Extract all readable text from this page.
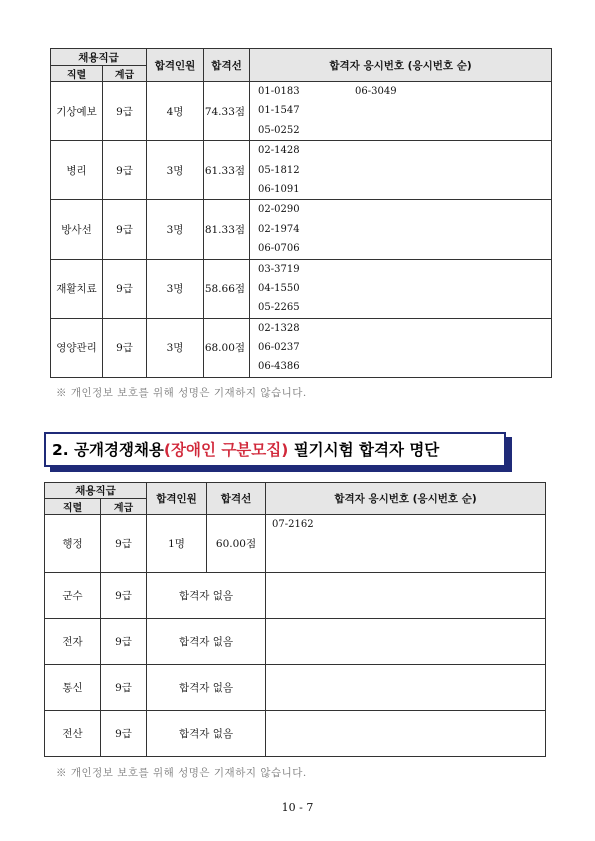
채용직급		합격인원	합격선	합격자 응시번호 (응시번호 순)
직렬	계급			
기상예보	9급	4명	74.33점	01-0183 06-3049
01-1547
05-0252

병리	9급	3명	61.33점	02-1428
05-1812
06-1091

방사선	9급	3명	81.33점	02-0290
02-1974
06-0706

재활치료	9급	3명	58.66점	03-3719
04-1550
05-2265

영양관리	9급	3명	68.00점	02-1328
06-0237
06-4386
※ 개인정보 보호를 위해 성명은 기재하지 않습니다.
2. 공개경쟁채용(장애인 구분모집) 필기시험 합격자 명단
채용직급		합격인원	합격선	합격자 응시번호 (응시번호 순)
직렬	계급			
행정	9급	1명	60.00점	07-2162

군수	9급	합격자 없음		
전자	9급	합격자 없음		
통신	9급	합격자 없음		
전산	9급	합격자 없음		
※ 개인정보 보호를 위해 성명은 기재하지 않습니다.
10 - 7
